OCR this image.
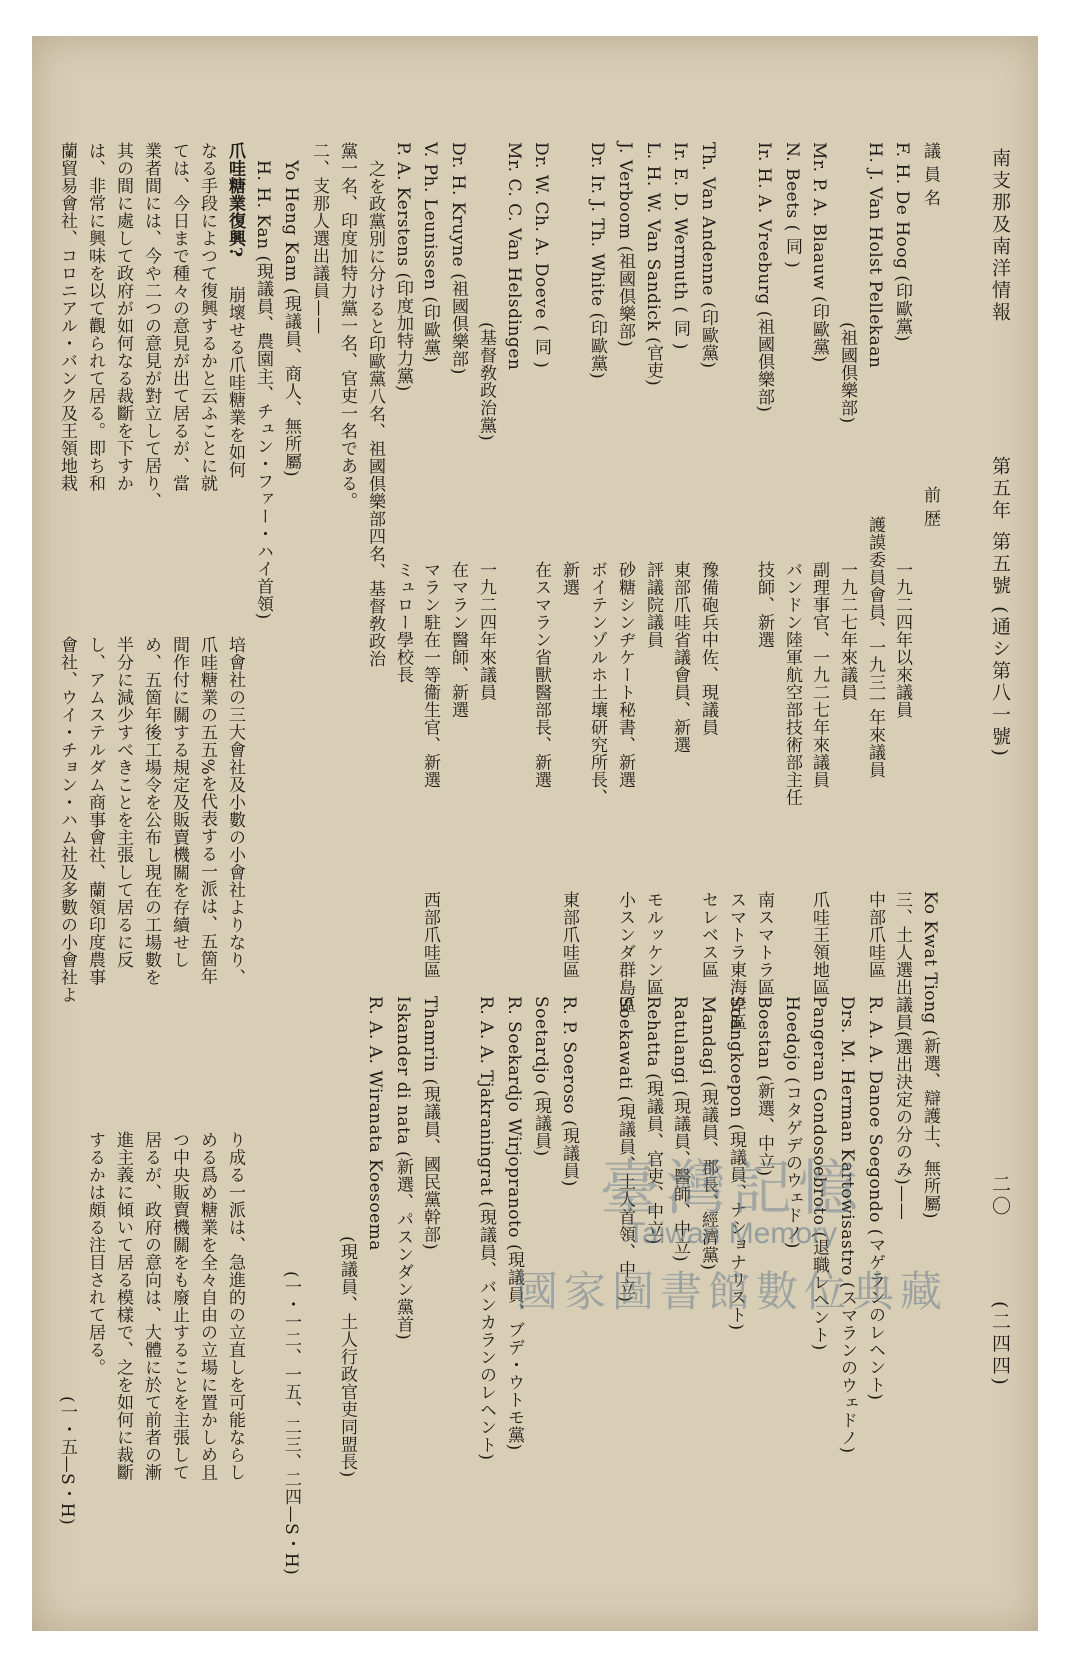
南支那及南洋情報
第五年 第五號 (通シ第八一號)
二〇
(二四四)
議 員 名
F. H. De Hoog (印歐黨)
H. J. Van Holst Pellekaan
(祖國倶樂部)
Mr. P. A. Blaauw (印歐黨)
N. Beets ( 同 )
Ir. H. A. Vreeburg (祖國倶樂部)
Th. Van Andenne (印歐黨)
Ir. E. D. Wermuth ( 同 )
L. H. W. Van Sandick (官吏)
J. Verboom (祖國倶樂部)
Dr. Ir. J. Th. White (印歐黨)
Dr. W. Ch. A. Doeve ( 同 )
Mr. C. C. Van Helsdingen
(基督敎政治黨)
Dr. H. Kruyne (祖國倶樂部)
V. Ph. Leunissen (印歐黨)
P. A. Kerstens (印度加特力黨)
之を政黨別に分けると印歐黨八名、祖國倶樂部四名、基督敎政治
黨一名、印度加特力黨一名、官吏一名である。
二、支那人選出議員——
Yo Heng Kam (現議員、商人、無所屬)
H. H. Kan (現議員、農園主、チュン・ファー・ハイ首領)	前 歴
一九二四年以來議員
護謨委員會員、一九三一年來議員
一九二七年來議員
副理事官、一九二七年來議員
バンドン陸軍航空部技術部主任
技師、新選
豫備砲兵中佐、現議員
東部爪哇省議會員、新選
評議院議員
砂糖シンヂケート秘書、新選
ボイテンゾルホ土壤研究所長、
新選
在スマラン省獸醫部長、新選
一九二四年來議員
在マラン醫師、新選
マラン駐在一等衞生官、新選
ミュロー學校長
爪哇糖業復興?
崩壞せる爪哇糖業を如何
なる手段によつて復興するかと云ふことに就
ては、今日まで種々の意見が出て居るが、當
業者間には、今や二つの意見が對立して居り、
其の間に處して政府が如何なる裁斷を下すか
は、非常に興味を以て觀られて居る。即ち和
蘭貿易會社、コロニアル・バンク及王領地栽
培會社の三大會社及小數の小會社よりなり、
爪哇糖業の五五%を代表する一派は、五箇年
間作付に關する規定及販賣機關を存續せし
め、五箇年後工場令を公布し現在の工場數を
半分に減少すべきことを主張して居るに反
し、アムステルダム商事會社、蘭領印度農事
會社、ウイ・チョン・ハム社及多數の小會社よ
Ko Kwat Tiong (新選、辯護士、無所屬)
三、土人選出議員(選出決定の分のみ)——
中部爪哇區
R. A. A. Danoe Soegondo (マゲランのレヘント)
Drs. M. Herman Kartowisastro (スマランのウェドノ)
爪哇王領地區
Pangeran Gondosoebroto (退職レヘント)
Hoedojo (コタゲデのウェドノ)
南スマトラ區
Boestan (新選、中立)
スマトラ東海岸區
Soangkoepon (現議員、ナショナリスト)
セレベス區
Mandagi (現議員、郡長、經濟黨)
Ratulangi (現議員、醫師、中立)
モルッケン區
Rehatta (現議員、官吏、中立)
小スンダ群島區
Soekawati (現議員、土人首領、中立)
東部爪哇區
R. P. Soeroso (現議員)
Soetardjo (現議員)
R. Soekardjo Wirjopranoto (現議員、ブデ・ウトモ黨)
R. A. A. Tjakraningrat (現議員、バンカランのレヘント)
西部爪哇區
Thamrin (現議員、國民黨幹部)
Iskander di nata (新選、パスンダン黨首)
R. A. A. Wiranata Koesoema
(現議員、土人行政官吏同盟長)
(一・一二、一五、二三、二四—S・H)
り成る一派は、急進的の立直しを可能ならし
める爲め糖業を全々自由の立場に置かしめ且
つ中央販賣機關をも廢止することを主張して
居るが、政府の意向は、大體に於て前者の漸
進主義に傾いて居る模樣で、之を如何に裁斷
するかは頗る注目されて居る。
(一・五—S・H)
臺灣記憶
Taiwan Memory
國家圖書館數位典藏
